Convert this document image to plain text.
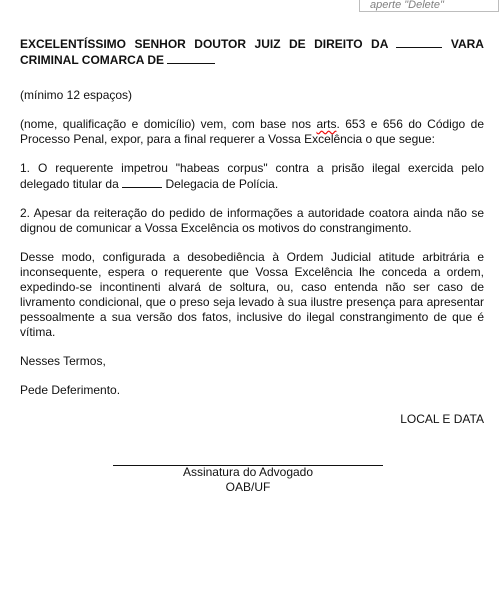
aperte "Delete"

EXCELENTÍSSIMO SENHOR DOUTOR JUIZ DE DIREITO DA	VARA CRIMINAL COMARCA DE

(mínimo 12 espaços)

(nome, qualificação e domicílio) vem, com base nos arts. 653 e 656 do Código de Processo Penal, expor, para a final requerer a Vossa Excelência o que segue:

1. O requerente impetrou "habeas corpus" contra a prisão ilegal exercida pelo delegado titular da	Delegacia de Polícia.

2. Apesar da reiteração do pedido de informações a autoridade coatora ainda não se dignou de comunicar a Vossa Excelência os motivos do constrangimento.

Desse modo, configurada a desobediência à Ordem Judicial atitude arbitrária e inconsequente, espera o requerente que Vossa Excelência lhe conceda a ordem, expedindo-se incontinenti alvará de soltura, ou, caso entenda não ser caso de livramento condicional, que o preso seja levado à sua ilustre presença para apresentar pessoalmente a sua versão dos fatos, inclusive do ilegal constrangimento de que é vítima.

Nesses Termos,

Pede Deferimento.

LOCAL E DATA

Assinatura do Advogado
OAB/UF
